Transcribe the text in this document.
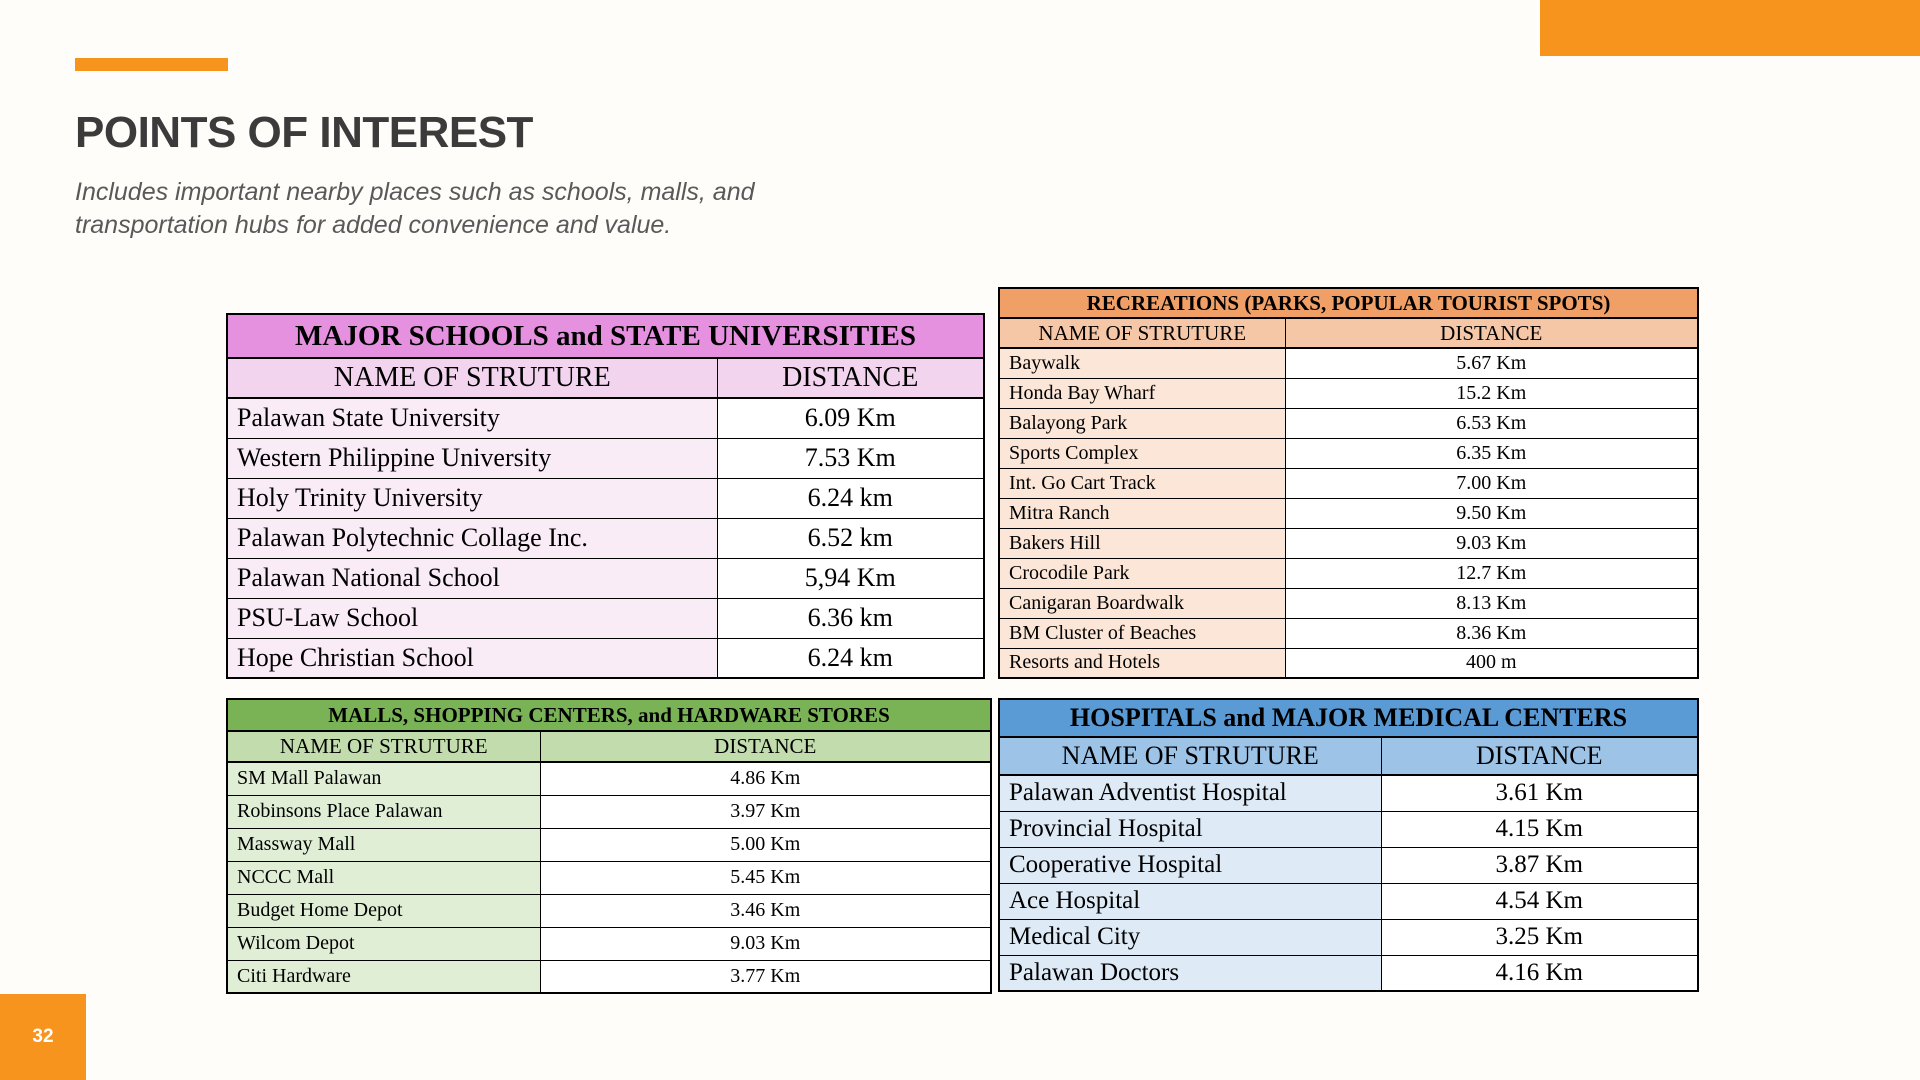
POINTS OF INTEREST

Includes important nearby places such as schools, malls, and transportation hubs for added convenience and value.

MAJOR SCHOOLS and STATE UNIVERSITIES	
NAME OF STRUTURE	DISTANCE
Palawan State University	6.09 Km
Western Philippine University	7.53 Km
Holy Trinity University	6.24 km
Palawan Polytechnic Collage Inc.	6.52 km
Palawan National School	5,94 Km
PSU-Law School	6.36 km
Hope Christian School	6.24 km
RECREATIONS (PARKS, POPULAR TOURIST SPOTS)	
NAME OF STRUTURE	DISTANCE
Baywalk	5.67 Km
Honda Bay Wharf	15.2 Km
Balayong Park	6.53 Km
Sports Complex	6.35 Km
Int. Go Cart Track	7.00 Km
Mitra Ranch	9.50 Km
Bakers Hill	9.03 Km
Crocodile Park	12.7 Km
Canigaran Boardwalk	8.13 Km
BM Cluster of Beaches	8.36 Km
Resorts and Hotels	400 m
MALLS, SHOPPING CENTERS, and HARDWARE STORES	
NAME OF STRUTURE	DISTANCE
SM Mall Palawan	4.86 Km
Robinsons Place Palawan	3.97 Km
Massway Mall	5.00 Km
NCCC Mall	5.45 Km
Budget Home Depot	3.46 Km
Wilcom Depot	9.03 Km
Citi Hardware	3.77 Km
HOSPITALS and MAJOR MEDICAL CENTERS	
NAME OF STRUTURE	DISTANCE
Palawan Adventist Hospital	3.61 Km
Provincial Hospital	4.15 Km
Cooperative Hospital	3.87 Km
Ace Hospital	4.54 Km
Medical City	3.25 Km
Palawan Doctors	4.16 Km
32
